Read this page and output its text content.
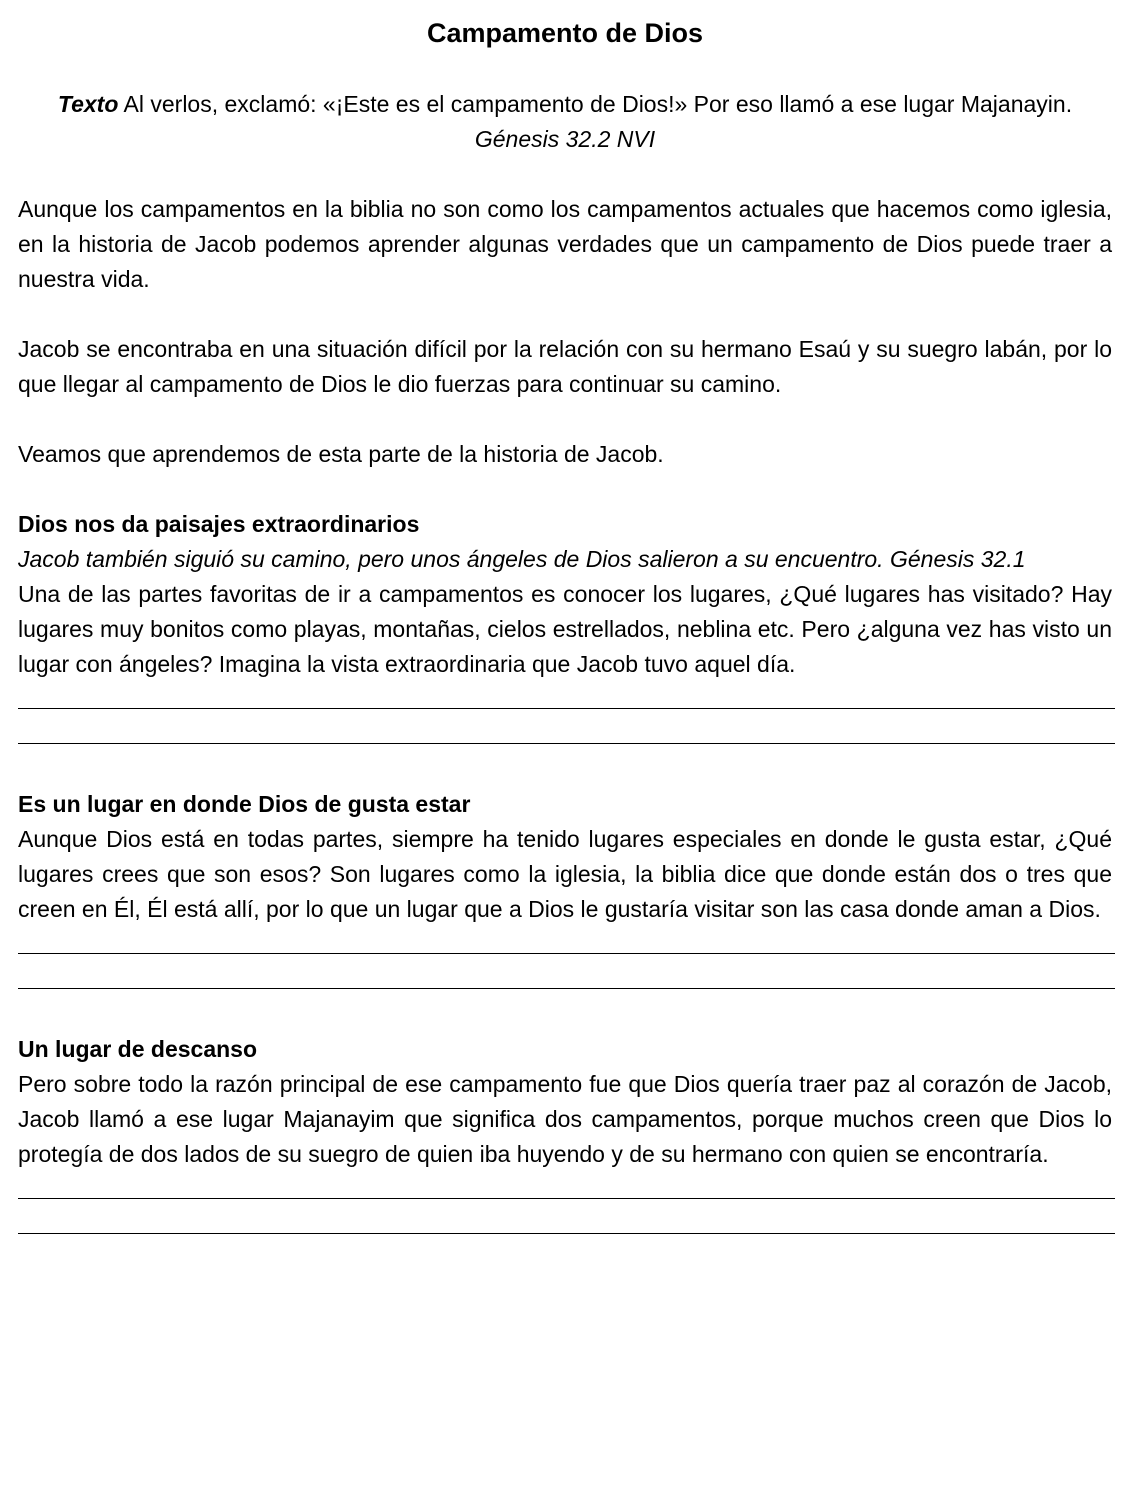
Campamento de Dios

Texto Al verlos, exclamó: «¡Este es el campamento de Dios!» Por eso llamó a ese lugar Majanayin. Génesis 32.2 NVI

Aunque los campamentos en la biblia no son como los campamentos actuales que hacemos como iglesia, en la historia de Jacob podemos aprender algunas verdades que un campamento de Dios puede traer a nuestra vida.

Jacob se encontraba en una situación difícil por la relación con su hermano Esaú y su suegro labán, por lo que llegar al campamento de Dios le dio fuerzas para continuar su camino.

Veamos que aprendemos de esta parte de la historia de Jacob.

Dios nos da paisajes extraordinarios

Jacob también siguió su camino, pero unos ángeles de Dios salieron a su encuentro. Génesis 32.1

Una de las partes favoritas de ir a campamentos es conocer los lugares, ¿Qué lugares has visitado? Hay lugares muy bonitos como playas, montañas, cielos estrellados, neblina etc. Pero ¿alguna vez has visto un lugar con ángeles? Imagina la vista extraordinaria que Jacob tuvo aquel día.

Es un lugar en donde Dios de gusta estar

Aunque Dios está en todas partes, siempre ha tenido lugares especiales en donde le gusta estar, ¿Qué lugares crees que son esos? Son lugares como la iglesia, la biblia dice que donde están dos o tres que creen en Él, Él está allí, por lo que un lugar que a Dios le gustaría visitar son las casa donde aman a Dios.

Un lugar de descanso

Pero sobre todo la razón principal de ese campamento fue que Dios quería traer paz al corazón de Jacob, Jacob llamó a ese lugar Majanayim que significa dos campamentos, porque muchos creen que Dios lo protegía de dos lados de su suegro de quien iba huyendo y de su hermano con quien se encontraría.
